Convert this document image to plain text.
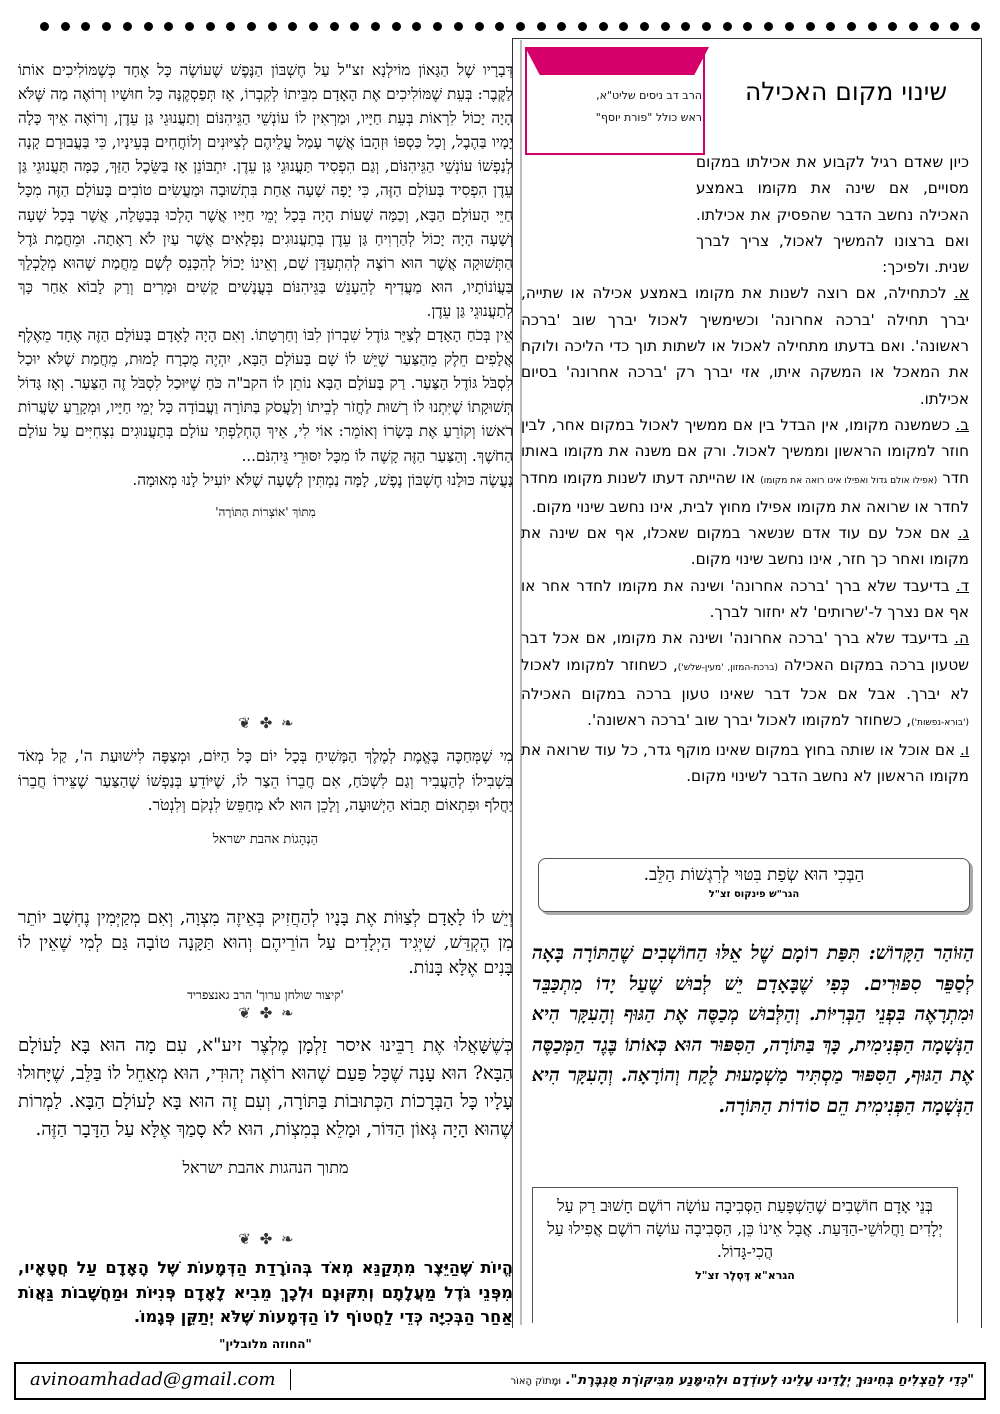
שינוי מקום האכילה
פינת ההלכה
הרב דב ניסים שליט"א,
ראש כולל "פורת יוסף"

כיון שאדם רגיל לקבוע את אכילתו במקום מסויים, אם שינה את מקומו באמצע האכילה נחשב הדבר שהפסיק את אכילתו. ואם ברצונו להמשיך לאכול, צריך לברך שנית. ולפיכך:

א. לכתחילה, אם רוצה לשנות את מקומו באמצע אכילה או שתייה, יברך תחילה 'ברכה אחרונה' וכשימשיך לאכול יברך שוב 'ברכה ראשונה'. ואם בדעתו מתחילה לאכול או לשתות תוך כדי הליכה ולוקח את המאכל או המשקה איתו, אזי יברך רק 'ברכה אחרונה' בסיום אכילתו.

ב. כשמשנה מקומו, אין הבדל בין אם ממשיך לאכול במקום אחר, לבין חוזר למקומו הראשון וממשיך לאכול. ורק אם משנה את מקומו באותו חדר (אפילו אולם גדול ואפילו אינו רואה את מקומו) או שהייתה דעתו לשנות מקומו מחדר לחדר או שרואה את מקומו אפילו מחוץ לבית, אינו נחשב שינוי מקום.

ג. אם אכל עם עוד אדם שנשאר במקום שאכלו, אף אם שינה את מקומו ואחר כך חזר, אינו נחשב שינוי מקום.

ד. בדיעבד שלא ברך 'ברכה אחרונה' ושינה את מקומו לחדר אחר או אף אם נצרך ל-'שרותים' לא יחזור לברך.

ה. בדיעבד שלא ברך 'ברכה אחרונה' ושינה את מקומו, אם אכל דבר שטעון ברכה במקום האכילה (ברכת-המזון, 'מעין-שלש'), כשחוזר למקומו לאכול לא יברך. אבל אם אכל דבר שאינו טעון ברכה במקום האכילה ('בורא-נפשות'), כשחוזר למקומו לאכול יברך שוב 'ברכה ראשונה'.

ו. אם אוכל או שותה בחוץ במקום שאינו מוקף גדר, כל עוד שרואה את מקומו הראשון לא נחשב הדבר לשינוי מקום.

הַבְּכִי הוּא שְׂפַת בִּטּוּי לְרִגְשׁוֹת הַלֵּב.
הגר"ש פינקוס זצ"ל
הַזּוֹהַר הַקָּדוֹשׁ: תִּפַּת רוֹמָם שֶׁל אֵלּוּ הַחוֹשְׁבִים שֶׁהַתּוֹרָה בָּאָה לְסַפֵּר סִפּוּרִים. כְּפִי שֶׁבָּאָדָם יֵשׁ לְבוּשׁ שֶׁעַל יָדוֹ מִתְכַּבֵּד וּמִתְרָאֶה בִּפְנֵי הַבְּרִיּוֹת. וְהַלְּבוּשׁ מְכַסֶּה אֶת הַגּוּף וְהָעִקָּר הִיא הַנְּשָׁמָה הַפְּנִימִית, כָּךְ בַּתּוֹרָה, הַסִּפּוּר הוּא כְּאוֹתוֹ בֶּגֶד הַמְּכַסֶּה אֶת הַגּוּף, הַסִּפּוּר מַסְתִּיר מַשְׁמָעוּת לֶקַח וְהוֹרָאָה. וְהָעִקָּר הִיא הַנְּשָׁמָה הַפְּנִימִית הֵם סוֹדוֹת הַתּוֹרָה.
בְּנֵי אָדָם חוֹשְׁבִים שֶׁהַשְׁפָּעַת הַסְּבִיבָה עוֹשָׂה רוֹשֶׁם חָשׁוּב רַק עַל יְלָדִים וַחֲלוּשֵׁי-הַדַּעַת. אֲבָל אֵינוֹ כֵּן, הַסְּבִיבָה עוֹשָׂה רוֹשֶׁם אֲפִילוּ עַל הֲכִי-גָּדוֹל.
הגרא"א דֶּסְלֶר זצ"ל

דְּבָרָיו שֶׁל הַגָּאוֹן מוֹילְנָא זצ"ל עַל חֶשְׁבּוֹן הַנֶּפֶשׁ שֶׁעוֹשֶׂה כָּל אֶחָד כְּשֶׁמּוֹלִיכִים אוֹתוֹ לַקֶּבֶר: בְּעֵת שֶׁמּוֹלִיכִים אֶת הָאָדָם מִבֵּיתוֹ לְקִבְרוֹ, אָז תְּפַסְקֶנָּה כָּל חוּשָׁיו וְרוֹאֶה מַה שֶּׁלֹּא הָיָה יָכוֹל לִרְאוֹת בְּעֵת חַיָּיו, וּמַרְאִין לוֹ עוֹנְשֵׁי הַגֵּיהִנּוֹם וְתַעֲנוּגֵי גַּן עֵדֶן, וְרוֹאֶה אֵיךְ כָּלָה יָמָיו בַּהֶבֶל, וְכָל כַּסְפּוֹ וּזְהָבוֹ אֲשֶׁר עָמַל עֲלֵיהֶם לְצִיּוּנִים וְלוֹחֲחִים בְּעֵינָיו, כִּי בַּעֲבוּרָם קָנָה לְנַפְשׁוֹ עוֹנְשֵׁי הַגֵּיהִנּוֹם, וְגַם הִפְסִיד תַּעֲנוּגֵי גַּן עֵדֶן. יִתְבּוֹנֵן אָז בַּשֵּׂכֶל הַזַּךְ, כַּמָּה תַּעֲנוּגֵי גַּן עֵדֶן הִפְסִיד בָּעוֹלָם הַזֶּה, כִּי יָפָה שָׁעָה אַחַת בִּתְשׁוּבָה וּמַעֲשִׂים טוֹבִים בָּעוֹלָם הַזֶּה מִכָּל חַיֵּי הָעוֹלָם הַבָּא, וְכַמָּה שָׁעוֹת הָיָה בְּכָל יְמֵי חַיָּיו אֲשֶׁר הָלְכוּ בְּבַטָּלָה, אֲשֶׁר בְּכָל שָׁעָה וְשָׁעָה הָיָה יָכוֹל לְהַרְוִיחַ גַּן עֵדֶן בְּתַעֲנוּגִים נִפְלָאִים אֲשֶׁר עַיִן לֹא רָאָתָה. וּמֵחֲמַת גֹּדֶל הַתְּשׁוּקָה אֲשֶׁר הוּא רוֹצֶה לְהִתְעַדֵּן שָׁם, וְאֵינוֹ יָכוֹל לְהִכָּנֵס לְשָׁם מֵחֲמַת שֶׁהוּא מְלֻכְלָךְ בַּעֲוֹנוֹתָיו, הוּא מַעֲדִיף לְהֵעָנֵשׁ בַּגֵּיהִנּוֹם בְּעֳנָשִׁים קָשִׁים וּמָרִים וְרַק לָבוֹא אַחַר כָּךְ לְתַעֲנוּגֵי גַּן עֵדֶן.

אֵין בְּכֹחַ הָאָדָם לְצַיֵּר גּוֹדֶל שִׁבְרוֹן לִבּוֹ וְחַרְטָתוֹ. וְאִם הָיָה לָאָדָם בָּעוֹלָם הַזֶּה אֶחָד מֵאֶלֶף אֲלָפִים חֵלֶק מֵהַצַּעַר שֶׁיֵּשׁ לוֹ שָׁם בָּעוֹלָם הַבָּא, יִהְיֶה מֻכְרָח לָמוּת, מֵחֲמַת שֶׁלֹּא יוּכַל לִסְבֹּל גּוֹדֶל הַצַּעַר. רַק בָּעוֹלָם הַבָּא נוֹתֵן לוֹ הקב"ה כֹּחַ שֶׁיּוּכַל לִסְבֹּל זֶה הַצַּעַר. וְאָז גָּדוֹל תְּשׁוּקָתוֹ שֶׁיִּתְנוּ לוֹ רְשׁוּת לַחֲזֹר לְבֵיתוֹ וְלַעֲסֹק בַּתּוֹרָה וַעֲבוֹדָה כָּל יְמֵי חַיָּיו, וּמְקָרֵעַ שַׂעֲרוֹת רֹאשׁוֹ וְקוֹרֵעַ אֶת בְּשָׂרוֹ וְאוֹמֵר: אוֹי לִי, אֵיךְ הֶחְלַפְתִּי עוֹלָם בְּתַעֲנוּגִים נִצְחִיִּים עַל עוֹלָם הַחֹשֶׁךְ. וְהַצַּעַר הַזֶּה קָשֶׁה לוֹ מִכָּל יִסּוּרֵי גֵּיהִנֹּם...

נַעֲשֶׂה כּוּלָנוּ חֶשְׁבּוֹן נֶפֶשׁ, לָמָּה נַמְתִּין לְשָׁעָה שֶׁלֹּא יוֹעִיל לָנוּ מְאוּמָה.

מִתּוֹךְ 'אוֹצְרוֹת הַתּוֹרָה'
❦ ✤ ❧

מִי שֶׁמְּחַכֶּה בֶּאֱמֶת לְמֶלֶךְ הַמָּשִׁיחַ בְּכָל יוֹם כָּל הַיּוֹם, וּמְצַפֶּה לִישׁוּעַת ה', קַל מְאֹד בִּשְׁבִילוֹ לְהַעֲבִיר וְגַם לִשְׁכֹּחַ, אִם חֲבֵרוֹ הֵצַר לוֹ, שֶׁיּוֹדֵעַ בְּנַפְשׁוֹ שֶׁהַצַּעַר שֶׁצֵּירוֹ חֲבֵרוֹ יַחֲלֹף וּפִתְאוֹם תָּבוֹא הַיְשׁוּעָה, וְלָכֵן הוּא לֹא מְחַפֵּשׂ לִנְקֹם וְלִנְטֹר.

הַנְהָגוֹת אהבת ישראל

וְיֵשׁ לוֹ לָאָדָם לְצַוּוֹת אֶת בָּנָיו לְהַחֲזִיק בְּאֵיזֶה מִצְוָה, וְאִם מְקַיְּמִין נֶחְשָׁב יוֹתֵר מִן הֶקְדֵּשׁ, שִׁיְּגִיד הַיְלָדִים עַל הוֹרֵיהֶם וְהוּא תַּקָּנָה טוֹבָה גַּם לְמִי שֶׁאֵין לוֹ בָּנִים אֶלָּא בָּנוֹת.

'קיצור שולחן ערוך' הרב גאנצפריד
❦ ✤ ❧

כְּשֶׁשָּׁאֲלוּ אֶת רַבֵּינוּ איסר זַלְמָן מֶלְצֶר זיע"א, עִם מָה הוּא בָּא לָעוֹלָם הַבָּא? הוּא עָנָה שֶׁכָּל פַּעַם שֶׁהוּא רוֹאֶה יְהוּדִי, הוּא מְאַחֵל לוֹ בַּלֵּב, שֶׁיָּחוּלוּ עָלָיו כָּל הַבְּרָכוֹת הַכְּתוּבוֹת בַּתּוֹרָה, וְעִם זֶה הוּא בָּא לָעוֹלָם הַבָּא. לַמְרוֹת שֶׁהוּא הָיָה גְּאוֹן הַדּוֹר, וּמָלֵא בְּמִצְוֹת, הוּא לֹא סָמַךְ אֶלָּא עַל הַדָּבָר הַזֶּה.

מתוך הנהגות אהבת ישראל
❦ ✤ ❧

הֱיוֹת שֶׁהַיֵּצֶר מִתְקַנֵּא מְאֹד בְּהוֹרָדַת הַדְּמָעוֹת שֶׁל הָאָדָם עַל חֲטָאָיו, מִפְּנֵי גֹּדֶל מַעֲלָתָם וְתִקּוּנָם וּלְכָךְ מֵבִיא לָאָדָם פְּנִיּוֹת וּמַחֲשָׁבוֹת גַּאֲוֹת אַחַר הַבְּכִיָּה כְּדֵי לַחֲטוֹף לוֹ הַדְּמָעוֹת שֶׁלֹּא יְתַקֵּן פְּגָמוֹ.

"החוזה מלובלין"
"כְּדֵי לְהַצְלִיחַ בְּחִינּוּךְ יְלָדֵינוּ עָלֵינוּ לְעוֹדְדָם וּלְהִימָּנַע מִבִּיקּוֹרֶת מֻגְבֶּרֶת". וּמָתוֹק הָאוֹר
avinoamhadad@gmail.com
